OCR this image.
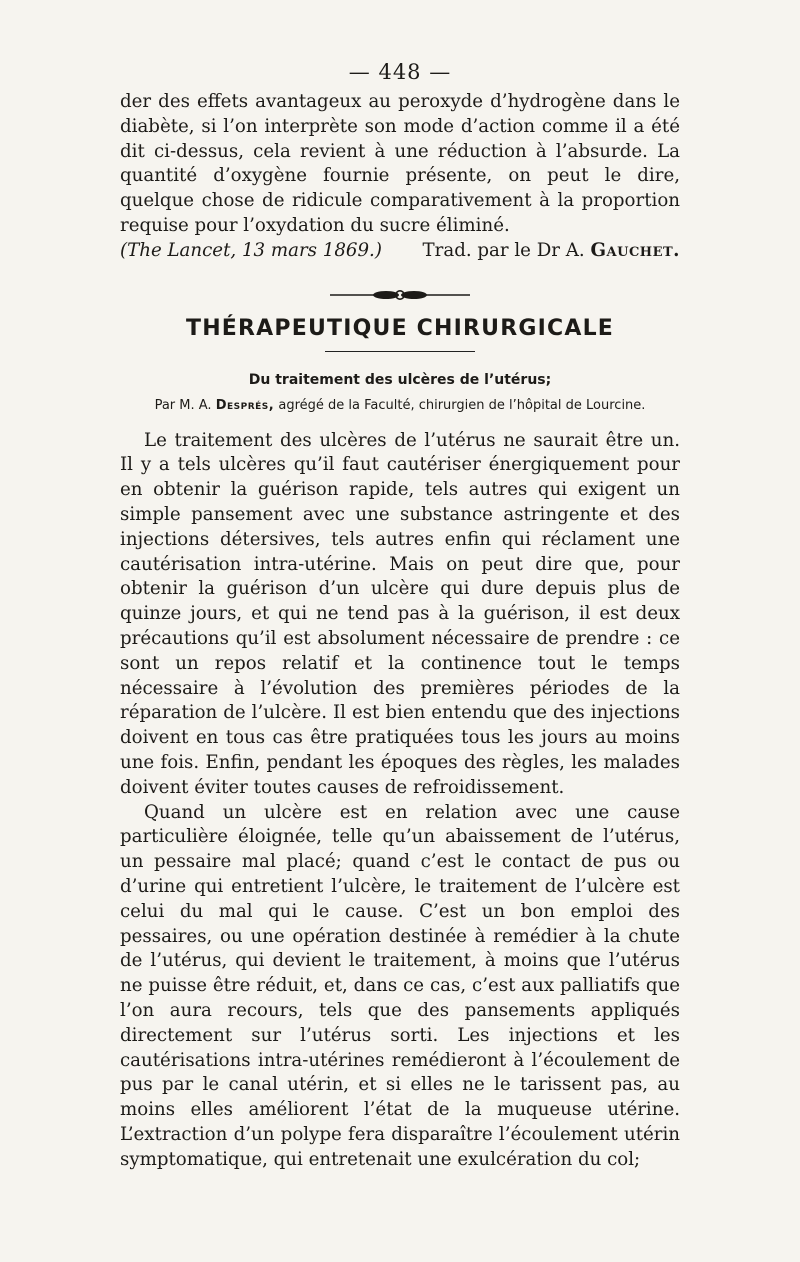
— 448 —

der des effets avantageux au peroxyde d’hydrogène dans le diabète, si l’on interprète son mode d’action comme il a été dit ci-dessus, cela revient à une réduction à l’absurde. La quantité d’oxygène fournie présente, on peut le dire, quelque chose de ridicule comparativement à la proportion requise pour l’oxydation du sucre éliminé.

(The Lancet, 13 mars 1869.) Trad. par le Dr A. Gauchet.
THÉRAPEUTIQUE CHIRURGICALE
Du traitement des ulcères de l’utérus;
Par M. A. Després, agrégé de la Faculté, chirurgien de l’hôpital de Lourcine.

Le traitement des ulcères de l’utérus ne saurait être un. Il y a tels ulcères qu’il faut cautériser énergiquement pour en obtenir la guérison rapide, tels autres qui exigent un simple pansement avec une substance astringente et des injections détersives, tels autres enfin qui réclament une cautérisation intra-utérine. Mais on peut dire que, pour obtenir la guérison d’un ulcère qui dure depuis plus de quinze jours, et qui ne tend pas à la guérison, il est deux précautions qu’il est absolument nécessaire de prendre : ce sont un repos relatif et la continence tout le temps nécessaire à l’évolution des premières périodes de la réparation de l’ulcère. Il est bien entendu que des injections doivent en tous cas être pratiquées tous les jours au moins une fois. Enfin, pendant les époques des règles, les malades doivent éviter toutes causes de refroidissement.

Quand un ulcère est en relation avec une cause particulière éloignée, telle qu’un abaissement de l’utérus, un pessaire mal placé; quand c’est le contact de pus ou d’urine qui entretient l’ulcère, le traitement de l’ulcère est celui du mal qui le cause. C’est un bon emploi des pessaires, ou une opération destinée à remédier à la chute de l’utérus, qui devient le traitement, à moins que l’utérus ne puisse être réduit, et, dans ce cas, c’est aux palliatifs que l’on aura recours, tels que des pansements appliqués directement sur l’utérus sorti. Les injections et les cautérisations intra-utérines remédieront à l’écoulement de pus par le canal utérin, et si elles ne le tarissent pas, au moins elles améliorent l’état de la muqueuse utérine. L’extraction d’un polype fera disparaître l’écoulement utérin symptomatique, qui entretenait une exulcération du col;
